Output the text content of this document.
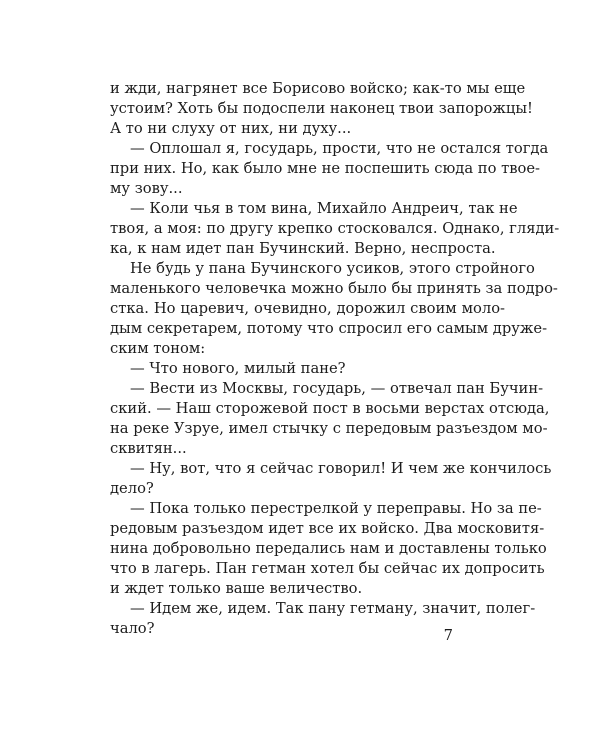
и жди, нагрянет все Борисово войско; как-то мы еще
устоим? Хоть бы подоспели наконец твои запорожцы!
А то ни слуху от них, ни духу...
— Оплошал я, государь, прости, что не остался тогда
при них. Но, как было мне не поспешить сюда по твое-
му зову...
— Коли чья в том вина, Михайло Андреич, так не
твоя, а моя: по другу крепко стосковался. Однако, гляди-
ка, к нам идет пан Бучинский. Верно, неспроста.
Не будь у пана Бучинского усиков, этого стройного
маленького человечка можно было бы принять за подро-
стка. Но царевич, очевидно, дорожил своим моло-
дым секретарем, потому что спросил его самым друже-
ским тоном:
— Что нового, милый пане?
— Вести из Москвы, государь, — отвечал пан Бучин-
ский. — Наш сторожевой пост в восьми верстах отсюда,
на реке Узруе, имел стычку с передовым разъездом мо-
сквитян...
— Ну, вот, что я сейчас говорил! И чем же кончилось
дело?
— Пока только перестрелкой у переправы. Но за пе-
редовым разъездом идет все их войско. Два московитя-
нина добровольно передались нам и доставлены только
что в лагерь. Пан гетман хотел бы сейчас их допросить
и ждет только ваше величество.
— Идем же, идем. Так пану гетману, значит, полег-
чало?	7
